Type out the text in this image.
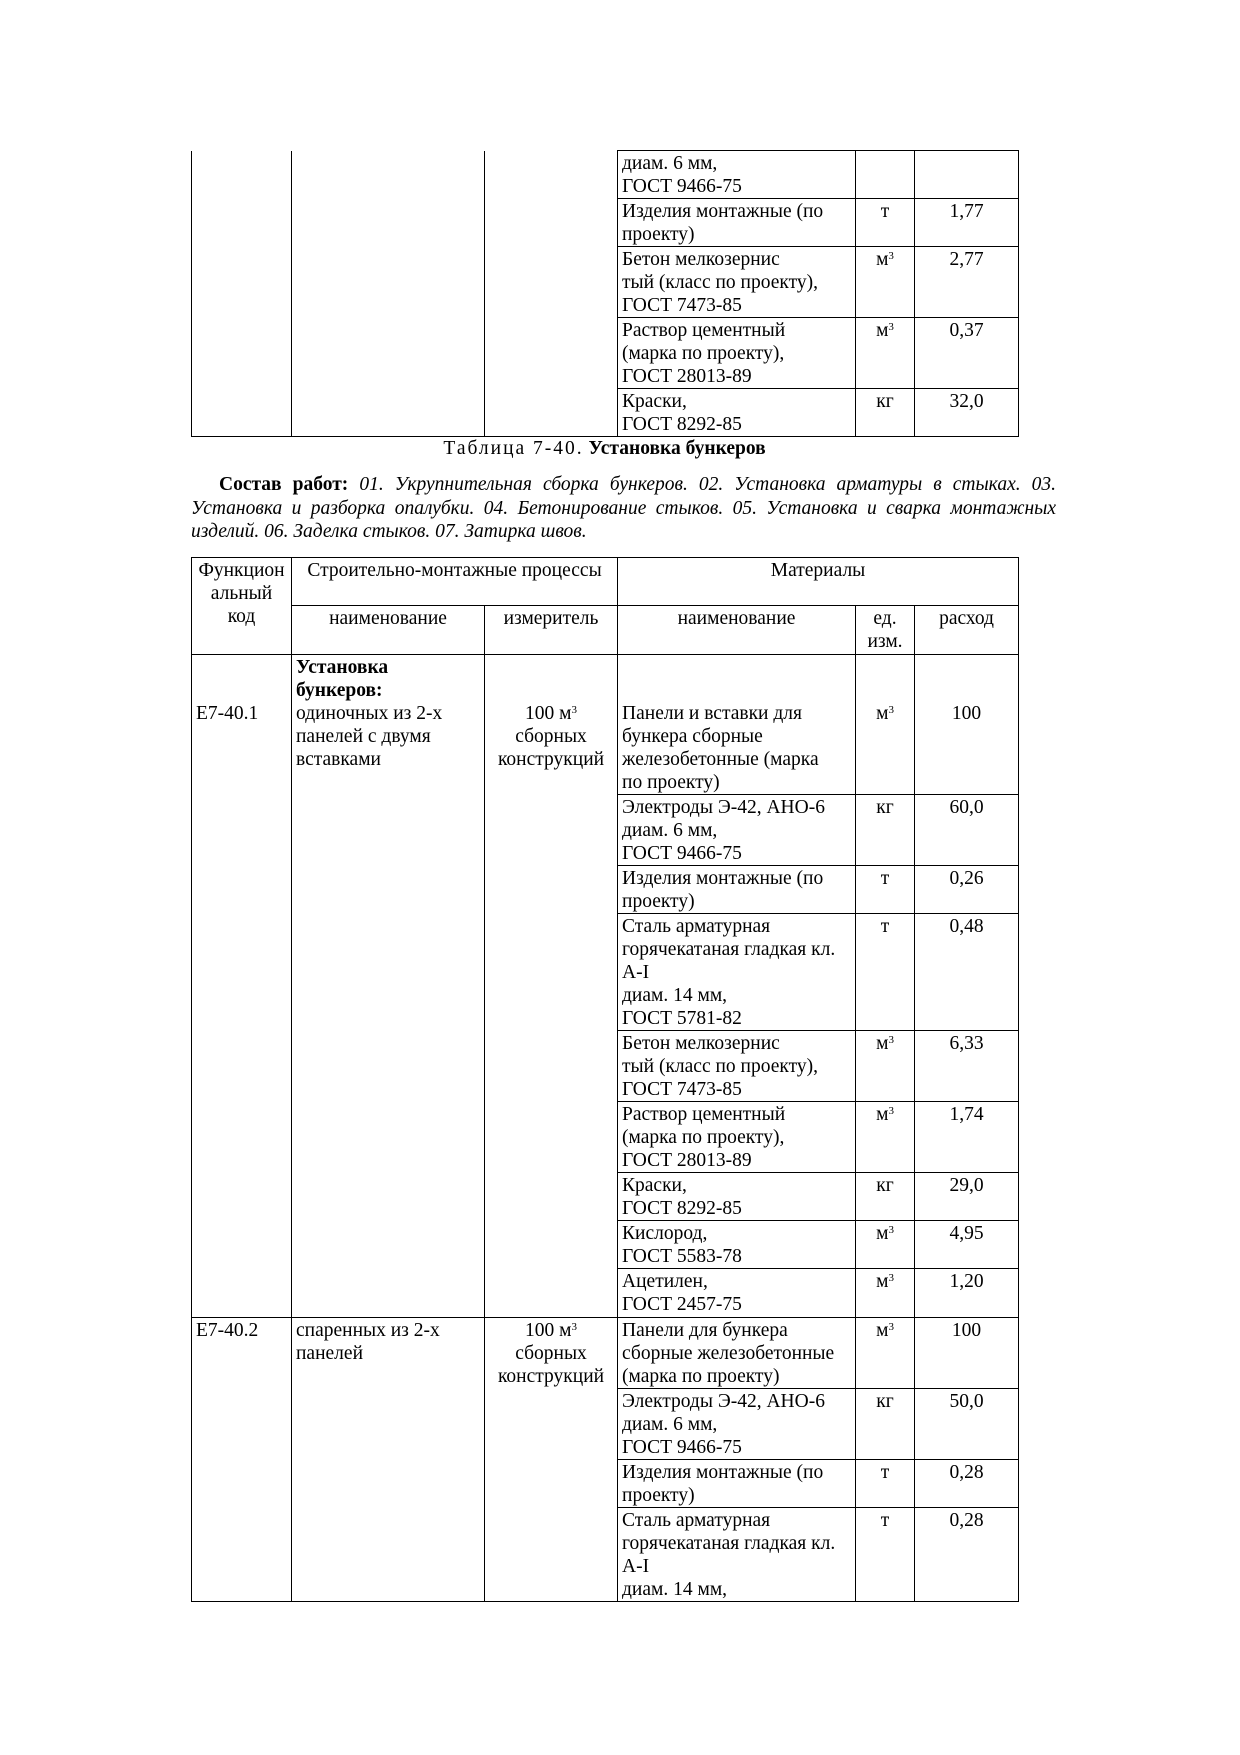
			диам. 6 мм,
ГОСТ 9466-75		

			Изделия монтажные (по
проекту)	т	1,77

			Бетон мелкозернис
тый (класс по проекту),
ГОСТ 7473-85	$м^3$	2,77

			Раствор цементный
(марка по проекту),
ГОСТ 28013-89	$м^3$	0,37

			Краски,
ГОСТ 8292-85	кг	32,0
Таблица 7-40. Установка бункеров
Состав работ: 01. Укрупнительная сборка бункеров. 02. Установка арматуры в стыках. 03. Установка и разборка опалубки. 04. Бетонирование стыков. 05. Установка и сварка монтажных изделий. 06. Заделка стыков. 07. Затирка швов.
Функцион
альный
код	Строительно-монтажные процессы		Материалы		
	наименование	измеритель	наименование	ед.
изм.	расход

Е7-40.1	Установка
бункеров:
одиночных из 2-х
панелей с двумя
вставками	100 $м^3$
сборных
конструкций	Панели и вставки для
бункера сборные
железобетонные (марка
по проекту)	$м^3$	100

			Электроды Э-42, АНО-6
диам. 6 мм,
ГОСТ 9466-75	кг	60,0

			Изделия монтажные (по
проекту)	т	0,26

			Сталь арматурная
горячекатаная гладкая кл.
А-I
диам. 14 мм,
ГОСТ 5781-82	т	0,48

			Бетон мелкозернис
тый (класс по проекту),
ГОСТ 7473-85	$м^3$	6,33

			Раствор цементный
(марка по проекту),
ГОСТ 28013-89	$м^3$	1,74

			Краски,
ГОСТ 8292-85	кг	29,0

			Кислород,
ГОСТ 5583-78	$м^3$	4,95

			Ацетилен,
ГОСТ 2457-75	$м^3$	1,20

Е7-40.2	спаренных из 2-х
панелей	100 $м^3$
сборных
конструкций	Панели для бункера
сборные железобетонные
(марка по проекту)	$м^3$	100

			Электроды Э-42, АНО-6
диам. 6 мм,
ГОСТ 9466-75	кг	50,0

			Изделия монтажные (по
проекту)	т	0,28

			Сталь арматурная
горячекатаная гладкая кл.
А-I
диам. 14 мм,	т	0,28
